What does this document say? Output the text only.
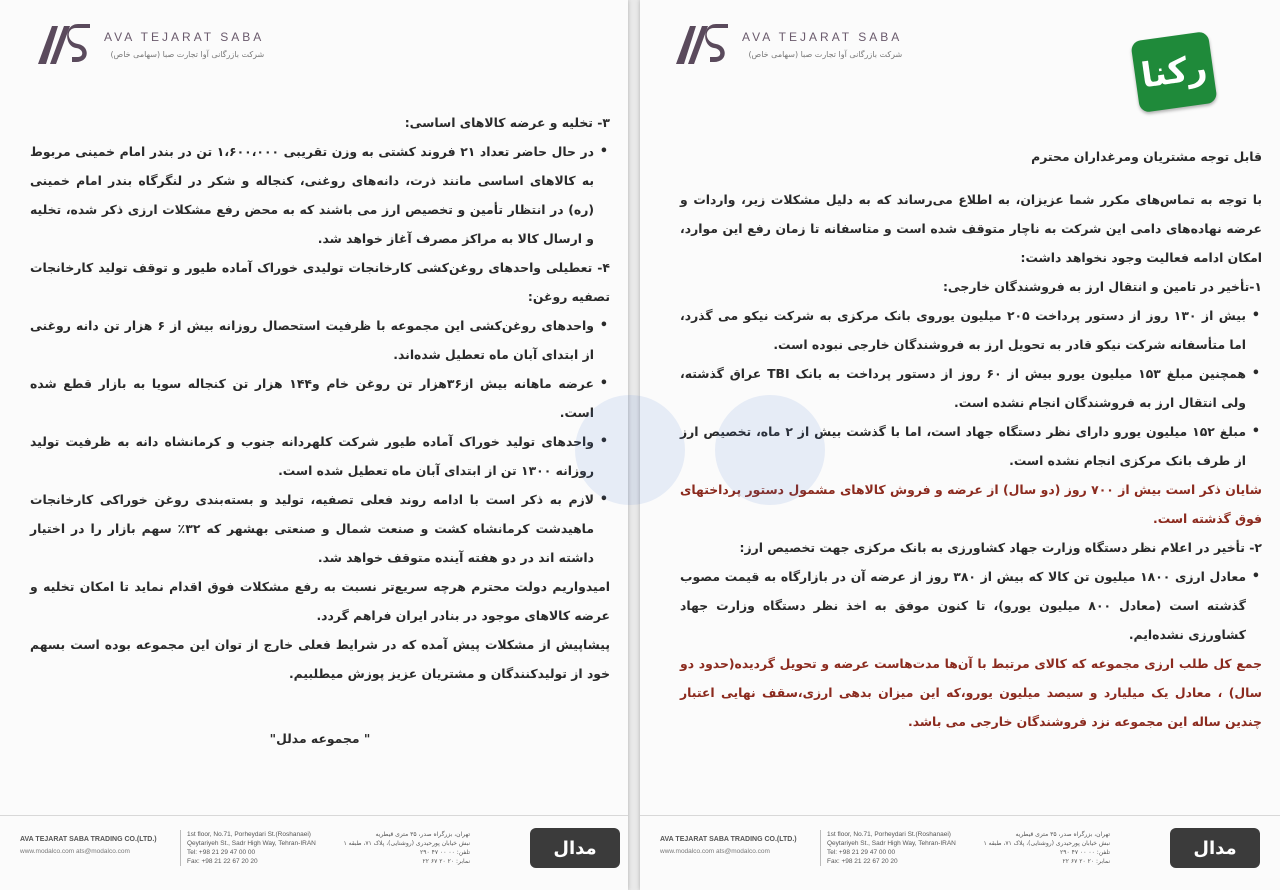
AVA TEJARAT SABA
شرکت بازرگانی آوا تجارت صبا (سهامی خاص)

۳- تخلیه و عرضه کالاهای اساسی:

• در حال حاضر تعداد ۲۱ فروند کشتی به وزن تقریبی ۱،۶۰۰،۰۰۰ تن در بندر امام خمینی مربوط به کالاهای اساسی مانند ذرت، دانه‌های روغنی، کنجاله و شکر در لنگرگاه بندر امام خمینی (ره) در انتظار تأمین و تخصیص ارز می باشند که به محض رفع مشکلات ارزی ذکر شده، تخلیه و ارسال کالا به مراکز مصرف آغاز خواهد شد.

۴- تعطیلی واحدهای روغن‌کشی کارخانجات تولیدی خوراک آماده طیور و توقف تولید کارخانجات تصفیه روغن:

• واحدهای روغن‌کشی این مجموعه با ظرفیت استحصال روزانه بیش از ۶ هزار تن دانه روغنی از ابتدای آبان ماه تعطیل شده‌اند.

• عرضه ماهانه بیش از۳۶هزار تن روغن خام و۱۴۴ هزار تن کنجاله سویا به بازار قطع شده است.

• واحدهای تولید خوراک آماده طیور شرکت کلهردانه جنوب و کرمانشاه دانه به ظرفیت تولید روزانه ۱۳۰۰ تن از ابتدای آبان ماه تعطیل شده است.

• لازم به ذکر است با ادامه روند فعلی تصفیه، تولید و بسته‌بندی روغن خوراکی کارخانجات ماهیدشت کرمانشاه کشت و صنعت شمال و صنعتی بهشهر که ۳۲٪ سهم بازار را در اختیار داشته اند در دو هفته آینده متوقف خواهد شد.

امیدواریم دولت محترم هرچه سریع‌تر نسبت به رفع مشکلات فوق اقدام نماید تا امکان تخلیه و عرضه کالاهای موجود در بنادر ایران فراهم گردد.

پیشاپیش از مشکلات پیش آمده که در شرایط فعلی خارج از توان این مجموعه بوده است بسهم خود از تولیدکنندگان و مشتریان عزیز پوزش میطلبیم.

" مجموعه مدلل"

AVA TEJARAT SABA TRADING CO.(LTD.)
www.modalco.com ats@modalco.com
1st floor, No.71, Porheydari St.(Roshanaei)
Qeytariyeh St., Sadr High Way, Tehran-IRAN
Tel: +98 21 29 47 00 00
Fax: +98 21 22 67 20 20
تهران، بزرگراه صدر، ۳۵ متری قیطریه
نبش خیابان پورحیدری (روشنایی)، پلاک ۷۱، طبقه ۱
تلفن: ۰۰ ۰۰ ۴۷ ۲۹۰
نمابر: ۲۰ ۲۰ ۶۷ ۲۲
مدال
AVA TEJARAT SABA
شرکت بازرگانی آوا تجارت صبا (سهامی خاص)

قابل توجه مشتریان ومرغداران محترم

با توجه به تماس‌های مکرر شما عزیزان، به اطلاع می‌رساند که به دلیل مشکلات زیر، واردات و عرضه نهاده‌های دامی این شرکت به ناچار متوقف شده است و متاسفانه تا زمان رفع این موارد، امکان ادامه فعالیت وجود نخواهد داشت:

۱-تأخیر در تامین و انتقال ارز به فروشندگان خارجی:

• بیش از ۱۳۰ روز از دستور پرداخت ۲۰۵ میلیون یوروی بانک مرکزی به شرکت نیکو می گذرد، اما متأسفانه شرکت نیکو قادر به تحویل ارز به فروشندگان خارجی نبوده است.

• همچنین مبلغ ۱۵۳ میلیون یورو بیش از ۶۰ روز از دستور پرداخت به بانک TBI عراق گذشته، ولی انتقال ارز به فروشندگان انجام نشده است.

• مبلغ ۱۵۲ میلیون یورو دارای نظر دستگاه جهاد است، اما با گذشت بیش از ۲ ماه، تخصیص ارز از طرف بانک مرکزی انجام نشده است.

شایان ذکر است بیش از ۷۰۰ روز (دو سال) از عرضه و فروش کالاهای مشمول دستور پرداختهای فوق گذشته است.

۲- تأخیر در اعلام نظر دستگاه وزارت جهاد کشاورزی به بانک مرکزی جهت تخصیص ارز:

• معادل ارزی ۱۸۰۰ میلیون تن کالا که بیش از ۳۸۰ روز از عرضه آن در بازارگاه به قیمت مصوب گذشته است (معادل ۸۰۰ میلیون یورو)، تا کنون موفق به اخذ نظر دستگاه وزارت جهاد کشاورزی نشده‌ایم.

جمع کل طلب ارزی مجموعه که کالای مرتبط با آن‌ها مدت‌هاست عرضه و تحویل گردیده(حدود دو سال) ، معادل یک میلیارد و سیصد میلیون یورو،که این میزان بدهی ارزی،سقف نهایی اعتبار چندین ساله این مجموعه نزد فروشندگان خارجی می باشد.

AVA TEJARAT SABA TRADING CO.(LTD.)
www.modalco.com ats@modalco.com
1st floor, No.71, Porheydari St.(Roshanaei)
Qeytariyeh St., Sadr High Way, Tehran-IRAN
Tel: +98 21 29 47 00 00
Fax: +98 21 22 67 20 20
تهران، بزرگراه صدر، ۳۵ متری قیطریه
نبش خیابان پورحیدری (روشنایی)، پلاک ۷۱، طبقه ۱
تلفن: ۰۰ ۰۰ ۴۷ ۲۹۰
نمابر: ۲۰ ۲۰ ۶۷ ۲۲
مدال
رکنا
